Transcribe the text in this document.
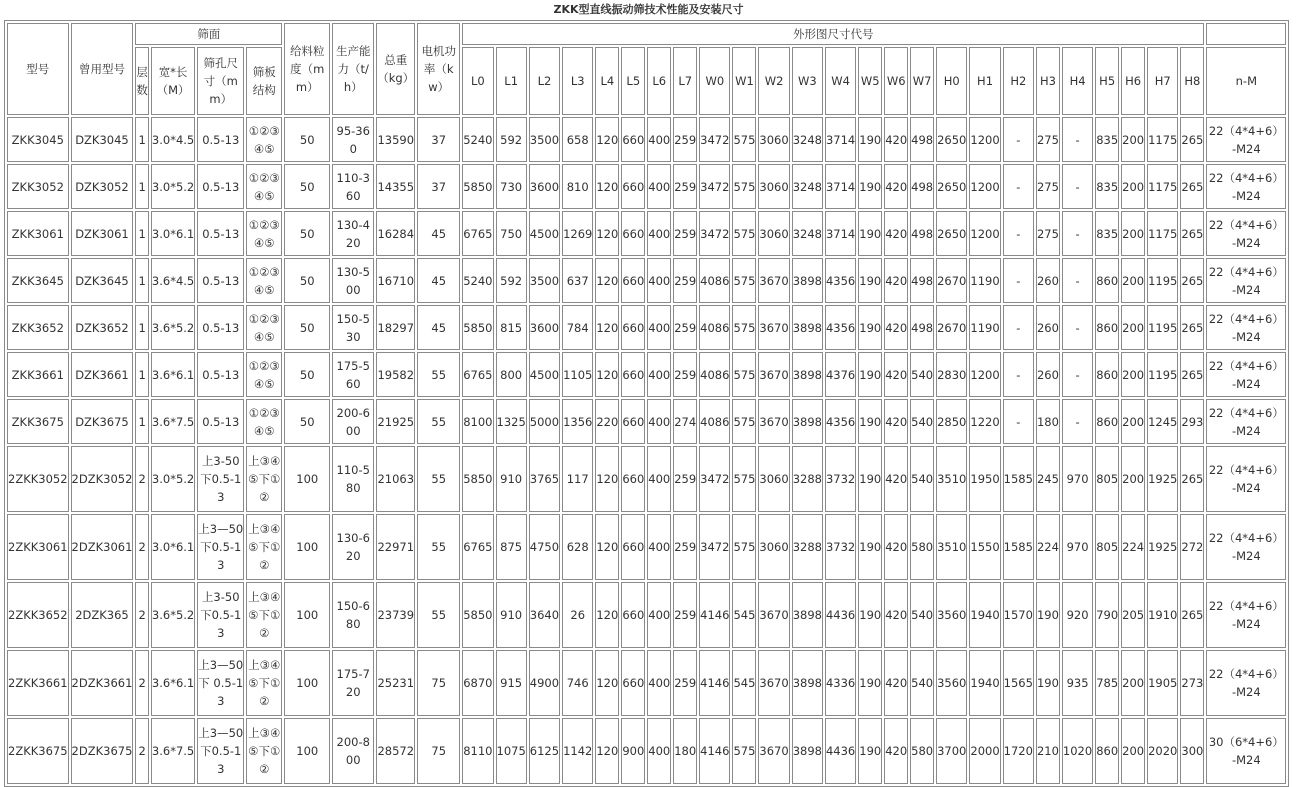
ZKK型直线振动筛技术性能及安装尺寸
型号	曾用型号	筛面				给料粒度（mm）	生产能力（t/h）	总重（kg）	电机功率（kw）	外形图尺寸代号																									
		层数	宽*长（M）	筛孔尺寸（mm）	筛板结构					L0	L1	L2	L3	L4	L5	L6	L7	W0	W1	W2	W3	W4	W5	W6	W7	H0	H1	H2	H3	H4	H5	H6	H7	H8	n-M
ZKK3045	DZK3045	1	3.0*4.5	0.5-13	①②③④⑤	50	95-360	13590	37	5240	592	3500	658	120	660	400	259	3472	575	3060	3248	3714	190	420	498	2650	1200	-	275	-	835	200	1175	265	22（4*4+6）-M24
ZKK3052	DZK3052	1	3.0*5.2	0.5-13	①②③④⑤	50	110-360	14355	37	5850	730	3600	810	120	660	400	259	3472	575	3060	3248	3714	190	420	498	2650	1200	-	275	-	835	200	1175	265	22（4*4+6）-M24
ZKK3061	DZK3061	1	3.0*6.1	0.5-13	①②③④⑤	50	130-420	16284	45	6765	750	4500	1269	120	660	400	259	3472	575	3060	3248	3714	190	420	498	2650	1200	-	275	-	835	200	1175	265	22（4*4+6）-M24
ZKK3645	DZK3645	1	3.6*4.5	0.5-13	①②③④⑤	50	130-500	16710	45	5240	592	3500	637	120	660	400	259	4086	575	3670	3898	4356	190	420	498	2670	1190	-	260	-	860	200	1195	265	22（4*4+6）-M24
ZKK3652	DZK3652	1	3.6*5.2	0.5-13	①②③④⑤	50	150-530	18297	45	5850	815	3600	784	120	660	400	259	4086	575	3670	3898	4356	190	420	498	2670	1190	-	260	-	860	200	1195	265	22（4*4+6）-M24
ZKK3661	DZK3661	1	3.6*6.1	0.5-13	①②③④⑤	50	175-560	19582	55	6765	800	4500	1105	120	660	400	259	4086	575	3670	3898	4376	190	420	540	2830	1200	-	260	-	860	200	1195	265	22（4*4+6）-M24
ZKK3675	DZK3675	1	3.6*7.5	0.5-13	①②③④⑤	50	200-600	21925	55	8100	1325	5000	1356	220	660	400	274	4086	575	3670	3898	4356	190	420	540	2850	1220	-	180	-	860	200	1245	293	22（4*4+6）-M24
2ZKK3052	2DZK3052	2	3.0*5.2	上3-50下0.5-13	上③④⑤下①②	100	110-580	21063	55	5850	910	3765	117	120	660	400	259	3472	575	3060	3288	3732	190	420	540	3510	1950	1585	245	970	805	200	1925	265	22（4*4+6）-M24
2ZKK3061	2DZK3061	2	3.0*6.1	上3—50下0.5-13	上③④⑤下①②	100	130-620	22971	55	6765	875	4750	628	120	660	400	259	3472	575	3060	3288	3732	190	420	580	3510	1550	1585	224	970	805	224	1925	272	22（4*4+6）-M24
2ZKK3652	2DZK365	2	3.6*5.2	上3-50下0.5-13	上③④⑤下①②	100	150-680	23739	55	5850	910	3640	26	120	660	400	259	4146	545	3670	3898	4436	190	420	540	3560	1940	1570	190	920	790	205	1910	265	22（4*4+6）-M24
2ZKK3661	2DZK3661	2	3.6*6.1	上3—50下 0.5-13	上③④⑤下①②	100	175-720	25231	75	6870	915	4900	746	120	660	400	259	4146	545	3670	3898	4336	190	420	540	3560	1940	1565	190	935	785	200	1905	273	22（4*4+6）-M24
2ZKK3675	2DZK3675	2	3.6*7.5	上3—50下0.5-13	上③④⑤下①②	100	200-800	28572	75	8110	1075	6125	1142	120	900	400	180	4146	575	3670	3898	4436	190	420	580	3700	2000	1720	210	1020	860	200	2020	300	30（6*4+6）-M24
